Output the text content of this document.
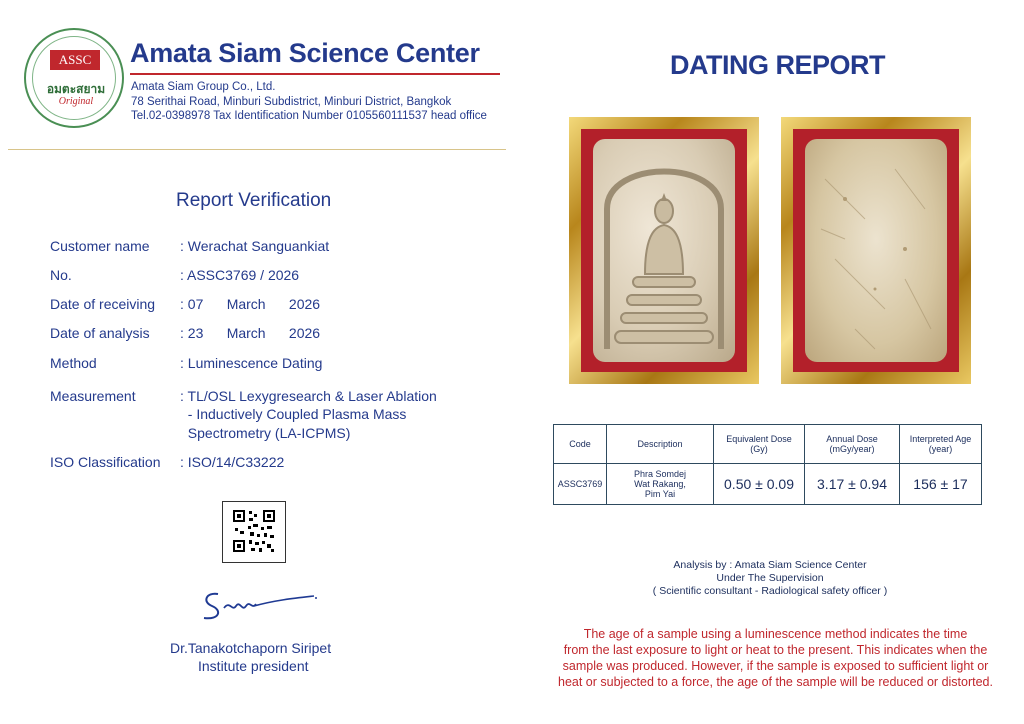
ASSC
อมตะสยาม
Original
Amata Siam Science Center
Amata Siam Group Co., Ltd.
78 Serithai Road, Minburi Subdistrict, Minburi District, Bangkok
Tel.02-0398978 Tax Identification Number 0105560111537 head office
Report Verification
Customer name : Werachat Sanguankiat
No.	: ASSC3769 / 2026
Date of receiving : 07      March      2026
Date of analysis : 23      March      2026
Method	: Luminescence Dating
Measurement	: TL/OSL Lexygresearch & Laser Ablation
- Inductively Coupled Plasma Mass
Spectrometry (LA-ICPMS)
ISO Classification : ISO/14/C33222
Dr.Tanakotchaporn Siripet
Institute president
DATING REPORT
Code	Description	Equivalent Dose
(Gy)	Annual Dose
(mGy/year)	Interpreted Age
(year)
ASSC3769	Phra Somdej
Wat Rakang,
Pim Yai	0.50 ± 0.09	3.17 ± 0.94	156 ± 17
Analysis by : Amata Siam Science Center
Under The Supervision
( Scientific consultant - Radiological safety officer )
The age of a sample using a luminescence method indicates the time
from the last exposure to light or heat to the present. This indicates when the
sample was produced. However, if the sample is exposed to sufficient light or
heat or subjected to a force, the age of the sample will be reduced or distorted.
